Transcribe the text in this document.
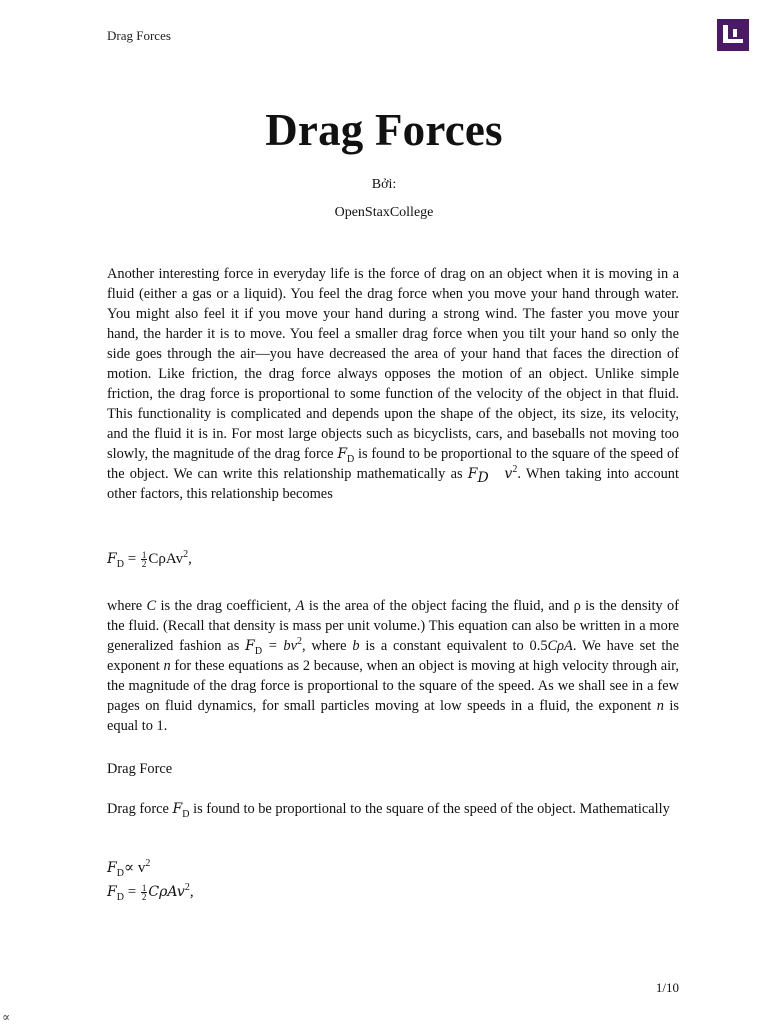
Drag Forces
Drag Forces
Bởi:
OpenStaxCollege

Another interesting force in everyday life is the force of drag on an object when it is moving in a fluid (either a gas or a liquid). You feel the drag force when you move your hand through water. You might also feel it if you move your hand during a strong wind. The faster you move your hand, the harder it is to move. You feel a smaller drag force when you tilt your hand so only the side goes through the air—you have decreased the area of your hand that faces the direction of motion. Like friction, the drag force always opposes the motion of an object. Unlike simple friction, the drag force is proportional to some function of the velocity of the object in that fluid. This functionality is complicated and depends upon the shape of the object, its size, its velocity, and the fluid it is in. For most large objects such as bicyclists, cars, and baseballs not moving too slowly, the magnitude of the drag force $F_D$ is found to be proportional to the square of the speed of the object. We can write this relationship mathematically as $F_D$ $v^2$. When taking into account other factors, this relationship becomes

$F_D = \frac{1}{2} C\rho Av^2$,

where C is the drag coefficient, A is the area of the object facing the fluid, and ρ is the density of the fluid. (Recall that density is mass per unit volume.) This equation can also be written in a more generalized fashion as $F_D = bv^2$, where b is a constant equivalent to 0.5CρA. We have set the exponent n for these equations as 2 because, when an object is moving at high velocity through air, the magnitude of the drag force is proportional to the square of the speed. As we shall see in a few pages on fluid dynamics, for small particles moving at low speeds in a fluid, the exponent n is equal to 1.

Drag Force

Drag force $F_D$ is found to be proportional to the square of the speed of the object. Mathematically

$F_D\propto v^2$
$F_D = \frac{1}{2} C\rho Av^2$,
1/10
∝
